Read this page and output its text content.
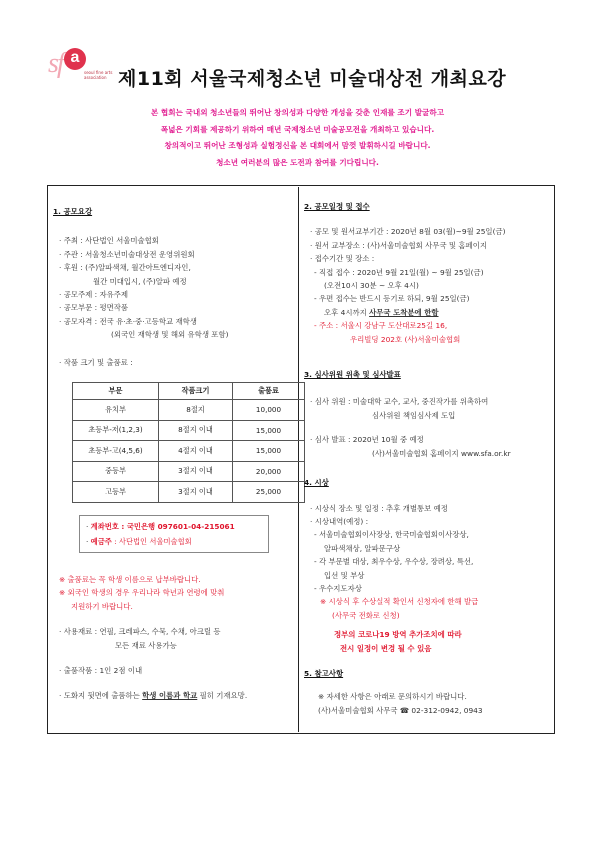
sf a
seoul fine arts association 제11회 서울국제청소년 미술대상전 개최요강
본 협회는 국내외 청소년들의 뛰어난 창의성과 다양한 개성을 갖춘 인재를 조기 발굴하고
폭넓은 기회를 제공하기 위하여 매년 국제청소년 미술공모전을 개최하고 있습니다.
창의적이고 뛰어난 조형성과 실험정신을 본 대회에서 맘껏 발휘하시길 바랍니다.
청소년 여러분의 많은 도전과 참여를 기다립니다.
1. 공모요강
· 주최 : 사단법인 서울미술협회
· 주관 : 서울청소년미술대상전 운영위원회
· 후원 : (주)알파색채, 월간아트엔디자인,
월간 미대입시, (주)알파 예정
· 공모주제 : 자유주제
· 공모부문 : 평면작품
· 공모자격 : 전국 유·초·중·고등학교 재학생
(외국인 재학생 및 해외 유학생 포함)
· 작품 크기 및 출품료 :
부문	작품크기	출품료
유치부	8절지	10,000
초등부-저(1,2,3)	8절지 이내	15,000
초등부-고(4,5,6)	4절지 이내	15,000
중등부	3절지 이내	20,000
고등부	3절지 이내	25,000
· 계좌번호 : 국민은행 097601-04-215061
· 예금주 : 사단법인 서울미술협회
※ 출품료는 꼭 학생 이름으로 납부바랍니다.
※ 외국인 학생의 경우 우리나라 학년과 연령에 맞춰
지원하기 바랍니다.
· 사용재료 : 연필, 크레파스, 수묵, 수채, 아크릴 등
모든 재료 사용가능
· 출품작품 : 1인 2점 이내
· 도화지 뒷면에 출품하는 학생 이름과 학교 필히 기재요망.
2. 공모일정 및 접수
· 공모 및 원서교부기간 : 2020년 8월 03(월)~9월 25일(금)
· 원서 교부장소 : (사)서울미술협회 사무국 및 홈페이지
· 접수기간 및 장소 :
- 직접 접수 : 2020년 9월 21일(월) ~ 9월 25일(금)
(오전10시 30분 ~ 오후 4시)
- 우편 접수는 반드시 등기로 하되, 9월 25일(금)
오후 4시까지 사무국 도착분에 한함
- 주소 : 서울시 강남구 도산대로25길 16,
우리빌딩 202호 (사)서울미술협회
3. 심사위원 위촉 및 심사발표
· 심사 위원 : 미술대학 교수, 교사, 중진작가를 위촉하여
심사위원 책임심사제 도입
· 심사 발표 : 2020년 10월 중 예정
(사)서울미술협회 홈페이지 www.sfa.or.kr
4. 시상
· 시상식 장소 및 일정 : 추후 개별통보 예정
· 시상내역(예정) :
- 서울미술협회이사장상, 한국미술협회이사장상,
알파색채상, 알파문구상
- 각 부문별 대상, 최우수상, 우수상, 장려상, 특선,
입선 및 부상
- 우수지도자상
※ 시상식 후 수상실적 확인서 신청자에 한해 발급
(사무국 전화로 신청)
정부의 코로나19 방역 추가조치에 따라
전시 일정이 변경 될 수 있음
5. 참고사항
※ 자세한 사항은 아래로 문의하시기 바랍니다.
(사)서울미술협회 사무국 ☎ 02-312-0942, 0943
